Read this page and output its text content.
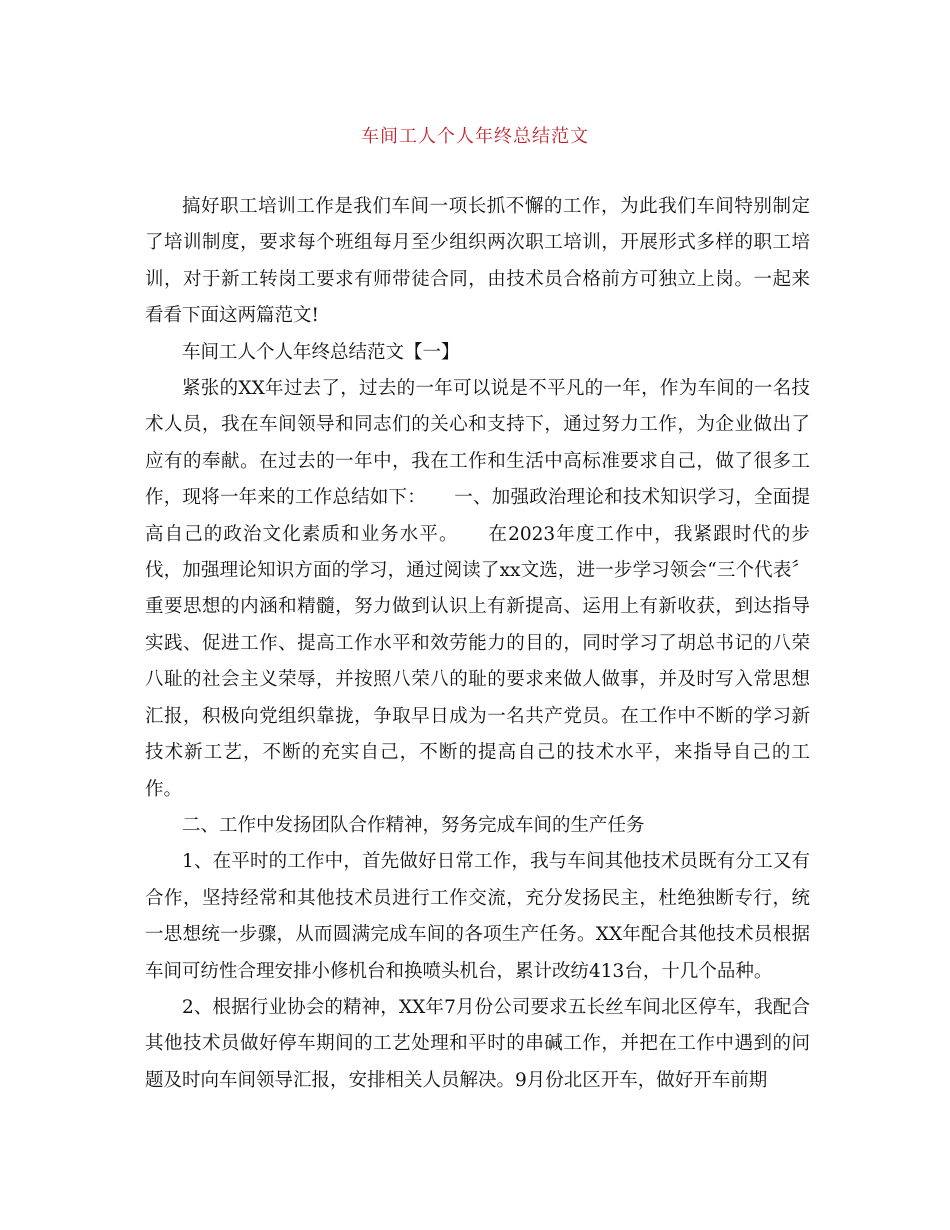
车间工人个人年终总结范文

搞好职工培训工作是我们车间一项长抓不懈的工作，为此我们车间特别制定了培训制度，要求每个班组每月至少组织两次职工培训，开展形式多样的职工培训，对于新工转岗工要求有师带徒合同，由技术员合格前方可独立上岗。一起来看看下面这两篇范文!

车间工人个人年终总结范文【一】

紧张的XX年过去了，过去的一年可以说是不平凡的一年，作为车间的一名技术人员，我在车间领导和同志们的关心和支持下，通过努力工作，为企业做出了应有的奉献。在过去的一年中，我在工作和生活中高标准要求自己，做了很多工作，现将一年来的工作总结如下：　　一、加强政治理论和技术知识学习，全面提高自己的政治文化素质和业务水平。　　在2023年度工作中，我紧跟时代的步伐，加强理论知识方面的学习，通过阅读了xx文选，进一步学习领会“三个代表〞重要思想的内涵和精髓，努力做到认识上有新提高、运用上有新收获，到达指导实践、促进工作、提高工作水平和效劳能力的目的，同时学习了胡总书记的八荣八耻的社会主义荣辱，并按照八荣八的耻的要求来做人做事，并及时写入常思想汇报，积极向党组织靠拢，争取早日成为一名共产党员。在工作中不断的学习新技术新工艺，不断的充实自己，不断的提高自己的技术水平，来指导自己的工作。

二、工作中发扬团队合作精神，努务完成车间的生产任务

1、在平时的工作中，首先做好日常工作，我与车间其他技术员既有分工又有合作，坚持经常和其他技术员进行工作交流，充分发扬民主，杜绝独断专行，统一思想统一步骤，从而圆满完成车间的各项生产任务。XX年配合其他技术员根据车间可纺性合理安排小修机台和换喷头机台，累计改纺413台，十几个品种。

2、根据行业协会的精神，XX年7月份公司要求五长丝车间北区停车，我配合其他技术员做好停车期间的工艺处理和平时的串碱工作，并把在工作中遇到的问题及时向车间领导汇报，安排相关人员解决。9月份北区开车，做好开车前期
